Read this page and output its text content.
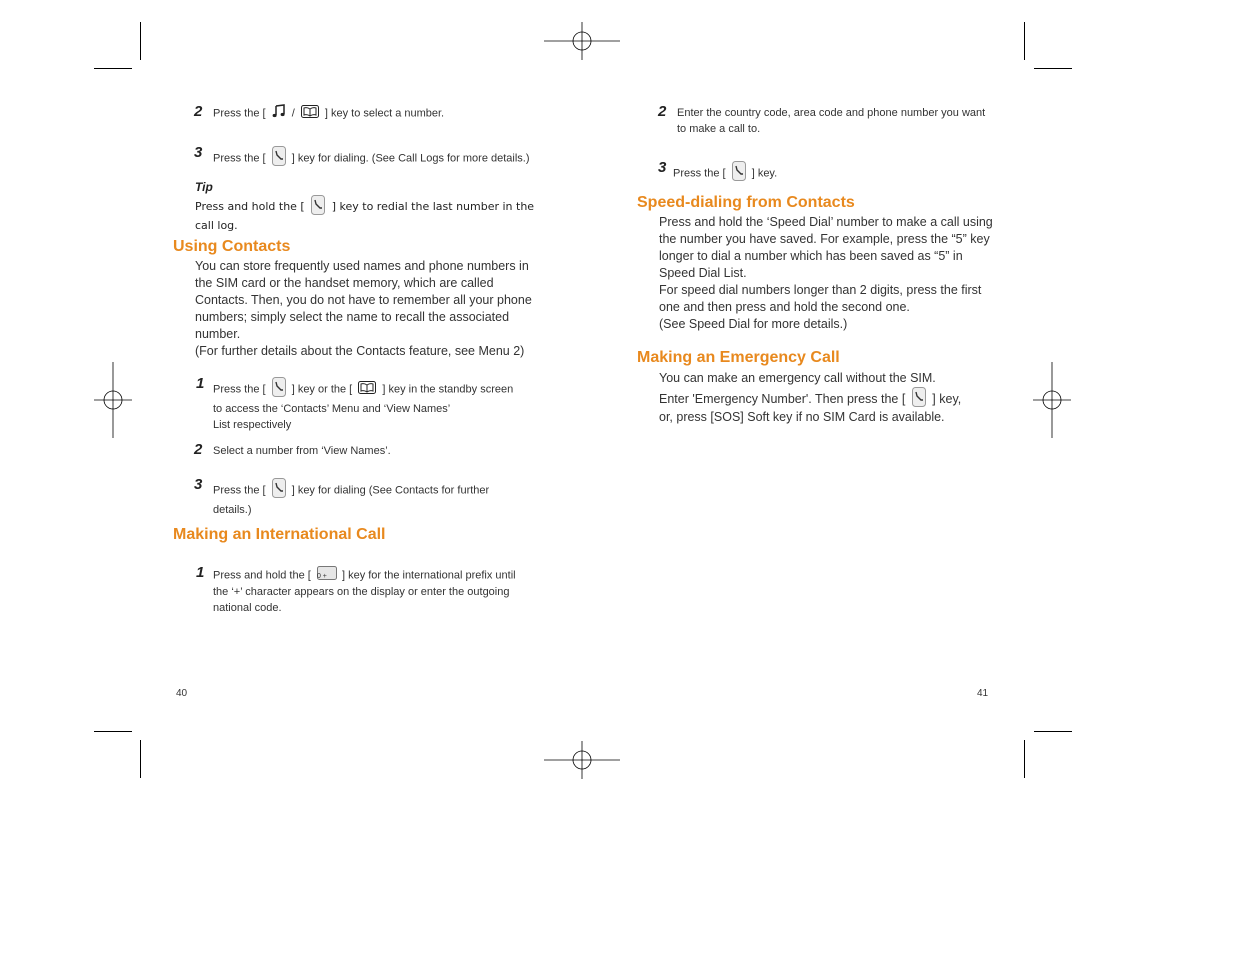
2 Press the [ /	] key to select a number.
3 Press the [ ] key for dialing. (See Call Logs for more details.)
Tip
Press and hold the [ ] key to redial the last number in the
call log.
Using Contacts
You can store frequently used names and phone numbers in
the SIM card or the handset memory, which are called
Contacts. Then, you do not have to remember all your phone
numbers; simply select the name to recall the associated
number.
(For further details about the Contacts feature, see Menu 2)
1 Press the [ ] key or the [	] key in the standby screen
to access the ‘Contacts’ Menu and ‘View Names’
List respectively
2 Select a number from ‘View Names’.
3 Press the [ ] key for dialing (See Contacts for further
details.)
Making an International Call
1 Press and hold the [ 0 + ] key for the international prefix until
the ‘+’ character appears on the display or enter the outgoing
national code.
40
2 Enter the country code, area code and phone number you want
to make a call to.
3 Press the [ ] key.
Speed-dialing from Contacts
Press and hold the ‘Speed Dial’ number to make a call using
the number you have saved. For example, press the “5” key
longer to dial a number which has been saved as “5” in
Speed Dial List.
For speed dial numbers longer than 2 digits, press the first
one and then press and hold the second one.
(See Speed Dial for more details.)
Making an Emergency Call
You can make an emergency call without the SIM.
Enter 'Emergency Number'. Then press the [ ] key,
or, press [SOS] Soft key if no SIM Card is available.
41
